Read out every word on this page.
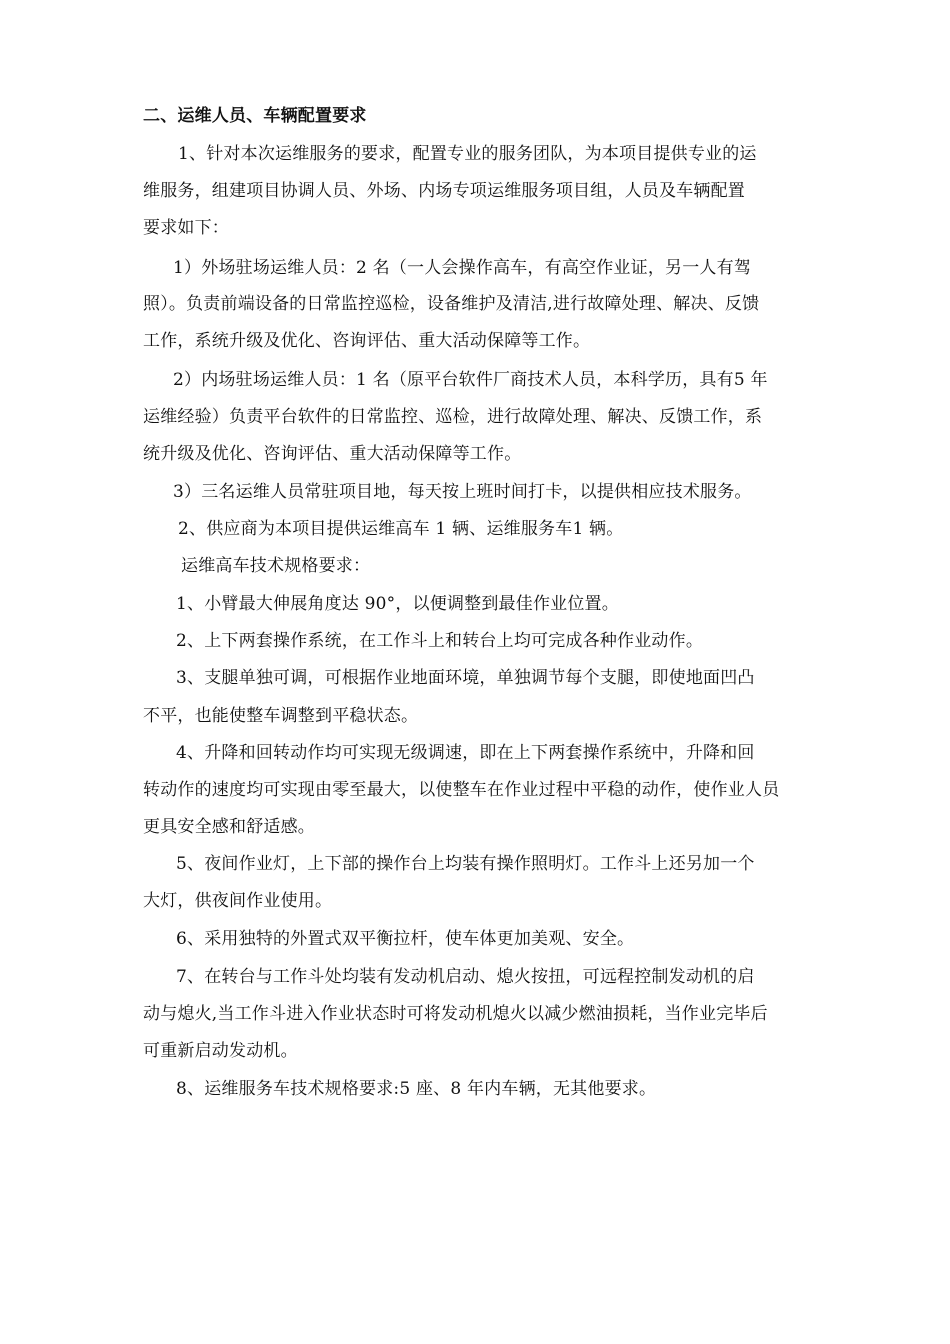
二、运维人员、车辆配置要求
1、针对本次运维服务的要求，配置专业的服务团队，为本项目提供专业的运
维服务，组建项目协调人员、外场、内场专项运维服务项目组，人员及车辆配置
要求如下：
1）外场驻场运维人员：2 名（一人会操作高车，有高空作业证，另一人有驾
照）。负责前端设备的日常监控巡检，设备维护及清洁,进行故障处理、解决、反馈
工作，系统升级及优化、咨询评估、重大活动保障等工作。
2）内场驻场运维人员：1 名（原平台软件厂商技术人员，本科学历，具有5 年
运维经验）负责平台软件的日常监控、巡检，进行故障处理、解决、反馈工作，系
统升级及优化、咨询评估、重大活动保障等工作。
3）三名运维人员常驻项目地，每天按上班时间打卡，以提供相应技术服务。
2、供应商为本项目提供运维高车 1 辆、运维服务车1 辆。
运维高车技术规格要求：
1、小臂最大伸展角度达 90°，以便调整到最佳作业位置。
2、上下两套操作系统，在工作斗上和转台上均可完成各种作业动作。
3、支腿单独可调，可根据作业地面环境，单独调节每个支腿，即使地面凹凸
不平，也能使整车调整到平稳状态。
4、升降和回转动作均可实现无级调速，即在上下两套操作系统中，升降和回
转动作的速度均可实现由零至最大，以使整车在作业过程中平稳的动作，使作业人员
更具安全感和舒适感。
5、夜间作业灯，上下部的操作台上均装有操作照明灯。工作斗上还另加一个
大灯，供夜间作业使用。
6、采用独特的外置式双平衡拉杆，使车体更加美观、安全。
7、在转台与工作斗处均装有发动机启动、熄火按扭，可远程控制发动机的启
动与熄火,当工作斗进入作业状态时可将发动机熄火以减少燃油损耗，当作业完毕后
可重新启动发动机。
8、运维服务车技术规格要求:5 座、8 年内车辆，无其他要求。
